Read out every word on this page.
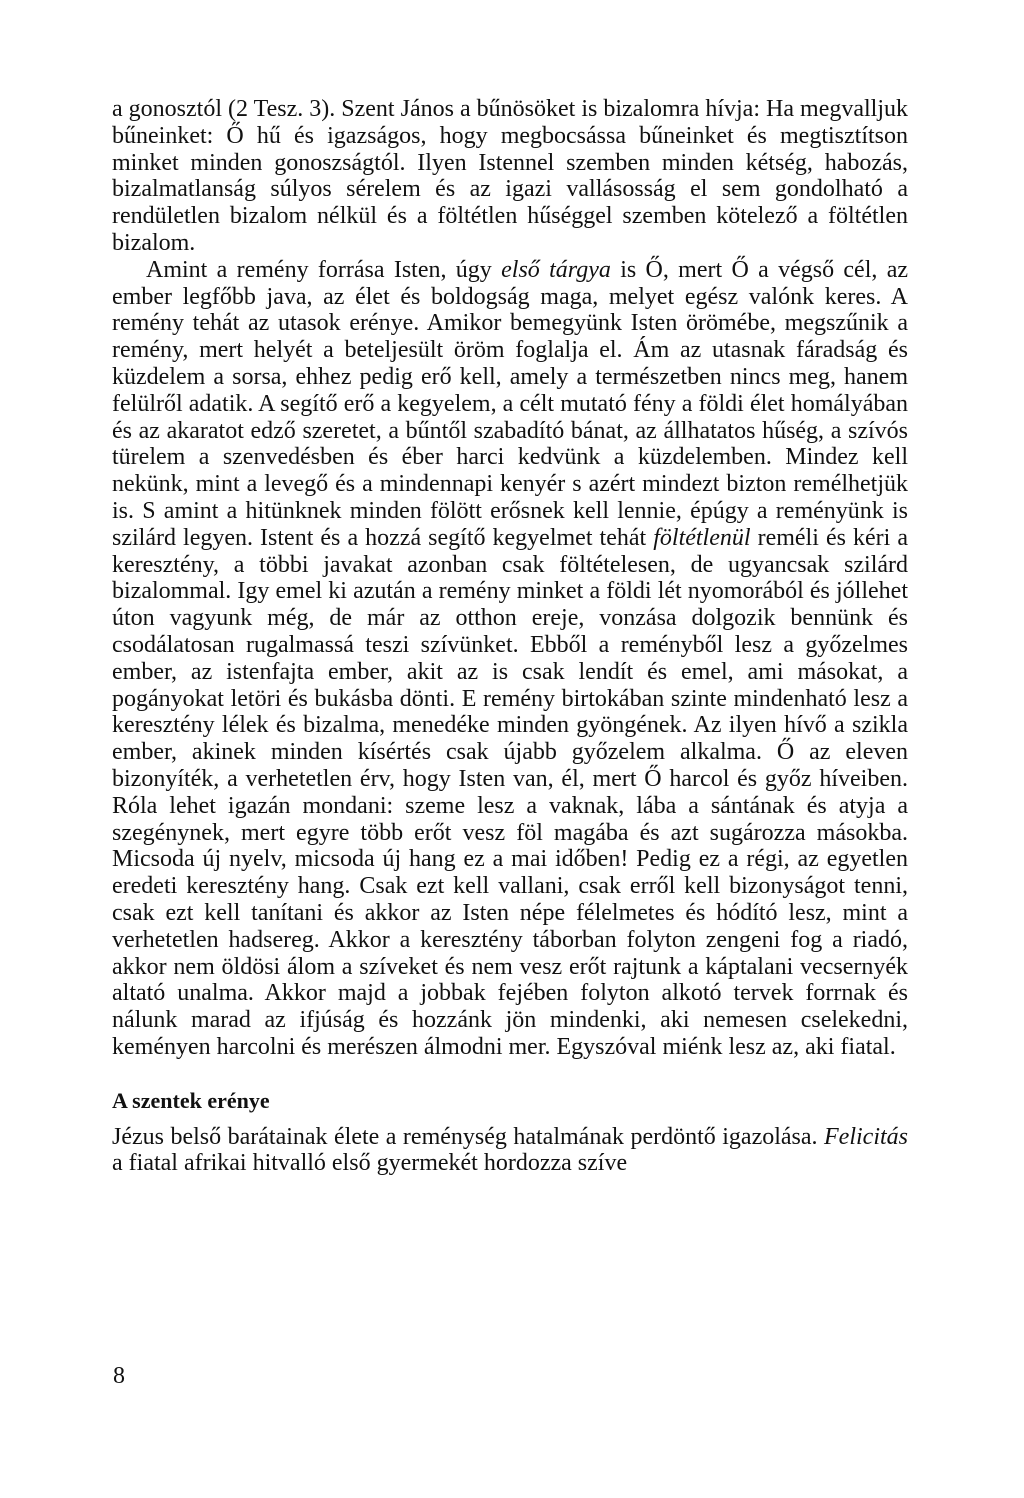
a gonosztól (2 Tesz. 3). Szent János a bűnösöket is bizalomra hívja: Ha megvalljuk bűneinket: Ő hű és igazságos, hogy megbocsássa bűneinket és megtisztítson minket minden gonoszságtól. Ilyen Istennel szemben minden kétség, habozás, bizalmatlanság súlyos sérelem és az igazi vallásosság el sem gondolható a rendületlen bizalom nélkül és a föltétlen hűséggel szemben kötelező a föltétlen bizalom.

Amint a remény forrása Isten, úgy első tárgya is Ő, mert Ő a végső cél, az ember legfőbb java, az élet és boldogság maga, melyet egész valónk keres. A remény tehát az utasok erénye. Amikor bemegyünk Isten örömébe, megszűnik a remény, mert helyét a beteljesült öröm foglalja el. Ám az utasnak fáradság és küzdelem a sorsa, ehhez pedig erő kell, amely a természetben nincs meg, hanem felülről adatik. A segítő erő a kegyelem, a célt mutató fény a földi élet homályában és az akaratot edző szeretet, a bűntől szabadító bánat, az állhatatos hűség, a szívós türelem a szenvedésben és éber harci kedvünk a küzdelemben. Mindez kell nekünk, mint a levegő és a mindennapi kenyér s azért mindezt bizton remélhetjük is. S amint a hitünknek minden fölött erősnek kell lennie, épúgy a reményünk is szilárd legyen. Istent és a hozzá segítő kegyelmet tehát föltétlenül reméli és kéri a keresztény, a többi javakat azonban csak föltételesen, de ugyancsak szilárd bizalommal. Igy emel ki azután a remény minket a földi lét nyomorából és jóllehet úton vagyunk még, de már az otthon ereje, vonzása dolgozik bennünk és csodálatosan rugalmassá teszi szívünket. Ebből a reményből lesz a győzelmes ember, az istenfajta ember, akit az is csak lendít és emel, ami másokat, a pogányokat letöri és bukásba dönti. E remény birtokában szinte mindenható lesz a keresztény lélek és bizalma, menedéke minden gyöngének. Az ilyen hívő a szikla ember, akinek minden kísértés csak újabb győzelem alkalma. Ő az eleven bizonyíték, a verhetetlen érv, hogy Isten van, él, mert Ő harcol és győz híveiben. Róla lehet igazán mondani: szeme lesz a vaknak, lába a sántának és atyja a szegénynek, mert egyre több erőt vesz föl magába és azt sugározza másokba. Micsoda új nyelv, micsoda új hang ez a mai időben! Pedig ez a régi, az egyetlen eredeti keresztény hang. Csak ezt kell vallani, csak erről kell bizonyságot tenni, csak ezt kell tanítani és akkor az Isten népe félelmetes és hódító lesz, mint a verhetetlen hadsereg. Akkor a keresztény táborban folyton zengeni fog a riadó, akkor nem öldösi álom a szíveket és nem vesz erőt rajtunk a káptalani vecsernyék altató unalma. Akkor majd a jobbak fejében folyton alkotó tervek forrnak és nálunk marad az ifjúság és hozzánk jön mindenki, aki nemesen cselekedni, keményen harcolni és merészen álmodni mer. Egyszóval miénk lesz az, aki fiatal.

A szentek erénye

Jézus belső barátainak élete a reménység hatalmának perdöntő igazolása. Felicitás a fiatal afrikai hitvalló első gyermekét hordozza szíve

8
